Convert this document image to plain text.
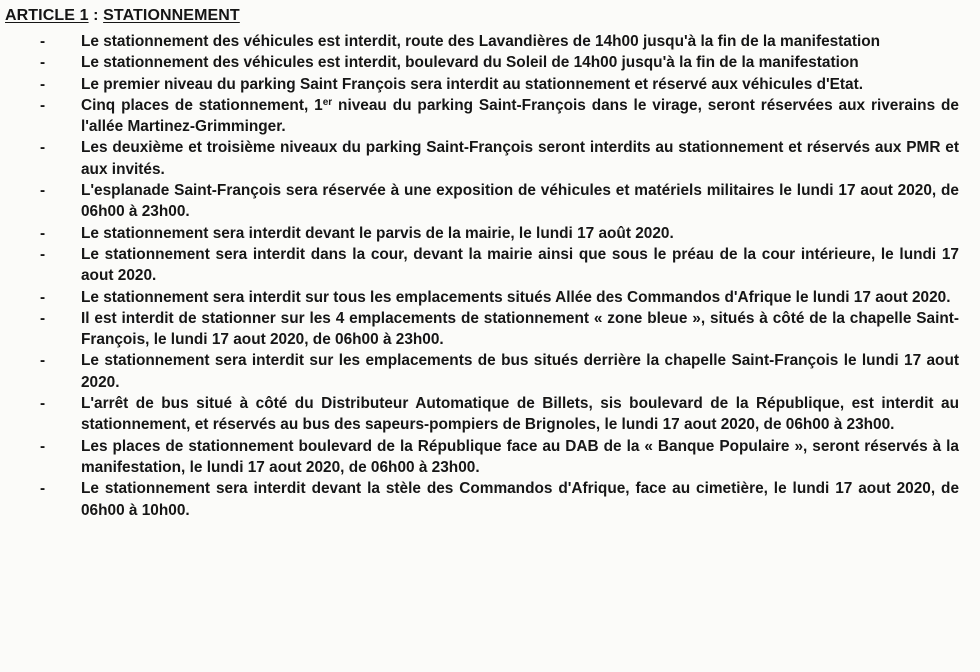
ARTICLE 1 : STATIONNEMENT
-
Le stationnement des véhicules est interdit, route des Lavandières de 14h00 jusqu'à la fin de la manifestation
-
Le stationnement des véhicules est interdit, boulevard du Soleil de 14h00 jusqu'à la fin de la manifestation
-
Le premier niveau du parking Saint François sera interdit au stationnement et réservé aux véhicules d'Etat.
-
Cinq places de stationnement, 1er niveau du parking Saint-François dans le virage, seront réservées aux riverains de l'allée Martinez-Grimminger.
-
Les deuxième et troisième niveaux du parking Saint-François seront interdits au stationnement et réservés aux PMR et aux invités.
-
L'esplanade Saint-François sera réservée à une exposition de véhicules et matériels militaires le lundi 17 aout 2020, de 06h00 à 23h00.
-
Le stationnement sera interdit devant le parvis de la mairie, le lundi 17 août 2020.
-
Le stationnement sera interdit dans la cour, devant la mairie ainsi que sous le préau de la cour intérieure, le lundi 17 aout 2020.
-
Le stationnement sera interdit sur tous les emplacements situés Allée des Commandos d'Afrique le lundi 17 aout 2020.
-
Il est interdit de stationner sur les 4 emplacements de stationnement « zone bleue », situés à côté de la chapelle Saint-François, le lundi 17 aout 2020, de 06h00 à 23h00.
-
Le stationnement sera interdit sur les emplacements de bus situés derrière la chapelle Saint-François le lundi 17 aout 2020.
-
L'arrêt de bus situé à côté du Distributeur Automatique de Billets, sis boulevard de la République, est interdit au stationnement, et réservés au bus des sapeurs-pompiers de Brignoles, le lundi 17 aout 2020, de 06h00 à 23h00.
-
Les places de stationnement boulevard de la République face au DAB de la « Banque Populaire », seront réservés à la manifestation, le lundi 17 aout 2020, de 06h00 à 23h00.
-
Le stationnement sera interdit devant la stèle des Commandos d'Afrique, face au cimetière, le lundi 17 aout 2020, de 06h00 à 10h00.
